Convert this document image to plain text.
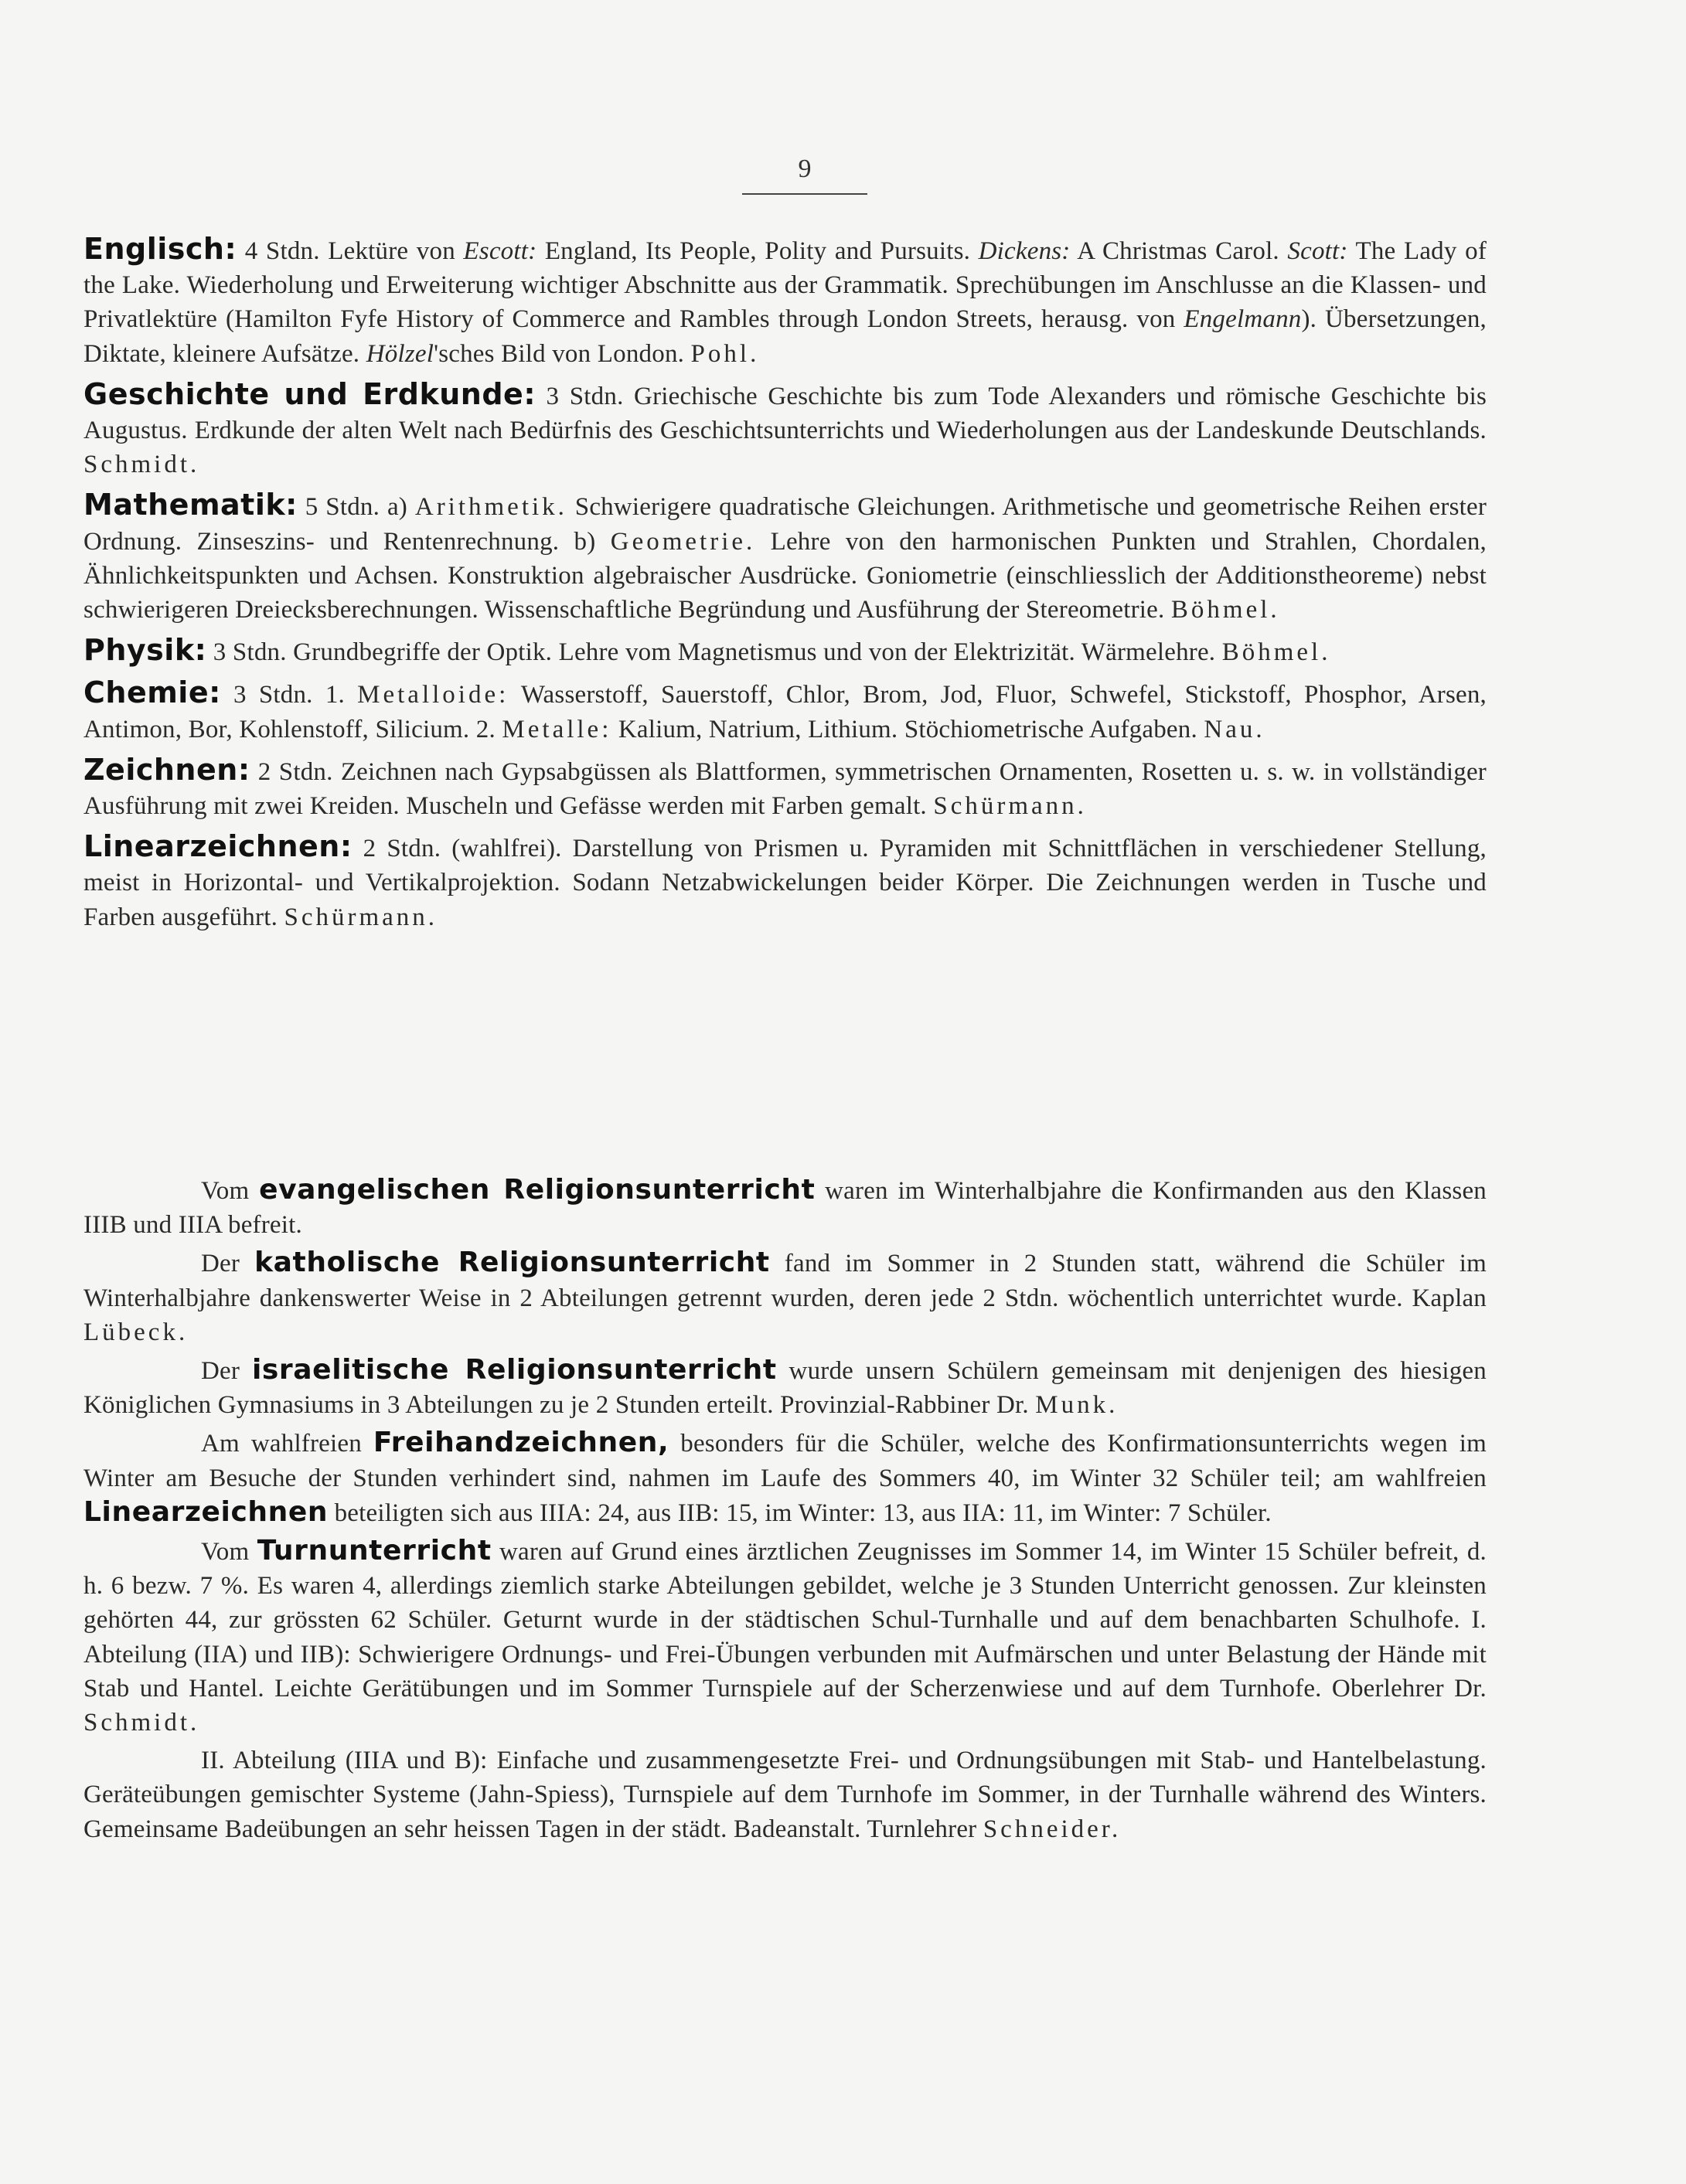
9
Englisch: 4 Stdn. Lektüre von Escott: England, Its People, Polity and Pursuits. Dickens: A Christmas Carol. Scott: The Lady of the Lake. Wiederholung und Erweiterung wichtiger Abschnitte aus der Grammatik. Sprechübungen im Anschlusse an die Klassen- und Privatlektüre (Hamilton Fyfe History of Commerce and Rambles through London Streets, herausg. von Engelmann). Übersetzungen, Diktate, kleinere Aufsätze. Hölzel'sches Bild von London. Pohl.
Geschichte und Erdkunde: 3 Stdn. Griechische Geschichte bis zum Tode Alexanders und römische Geschichte bis Augustus. Erdkunde der alten Welt nach Bedürfnis des Geschichtsunterrichts und Wiederholungen aus der Landeskunde Deutschlands. Schmidt.
Mathematik: 5 Stdn. a) Arithmetik. Schwierigere quadratische Gleichungen. Arithmetische und geometrische Reihen erster Ordnung. Zinseszins- und Rentenrechnung. b) Geometrie. Lehre von den harmonischen Punkten und Strahlen, Chordalen, Ähnlichkeitspunkten und Achsen. Konstruktion algebraischer Ausdrücke. Goniometrie (einschliesslich der Additionstheoreme) nebst schwierigeren Dreiecksberechnungen. Wissenschaftliche Begründung und Ausführung der Stereometrie. Böhmel.
Physik: 3 Stdn. Grundbegriffe der Optik. Lehre vom Magnetismus und von der Elektrizität. Wärmelehre. Böhmel.
Chemie: 3 Stdn. 1. Metalloide: Wasserstoff, Sauerstoff, Chlor, Brom, Jod, Fluor, Schwefel, Stickstoff, Phosphor, Arsen, Antimon, Bor, Kohlenstoff, Silicium. 2. Metalle: Kalium, Natrium, Lithium. Stöchiometrische Aufgaben. Nau.
Zeichnen: 2 Stdn. Zeichnen nach Gypsabgüssen als Blattformen, symmetrischen Ornamenten, Rosetten u. s. w. in vollständiger Ausführung mit zwei Kreiden. Muscheln und Gefässe werden mit Farben gemalt. Schürmann.
Linearzeichnen: 2 Stdn. (wahlfrei). Darstellung von Prismen u. Pyramiden mit Schnittflächen in verschiedener Stellung, meist in Horizontal- und Vertikalprojektion. Sodann Netzabwickelungen beider Körper. Die Zeichnungen werden in Tusche und Farben ausgeführt. Schürmann.
Vom evangelischen Religionsunterricht waren im Winterhalbjahre die Konfirmanden aus den Klassen IIIB und IIIA befreit.
Der katholische Religionsunterricht fand im Sommer in 2 Stunden statt, während die Schüler im Winterhalbjahre dankenswerter Weise in 2 Abteilungen getrennt wurden, deren jede 2 Stdn. wöchentlich unterrichtet wurde. Kaplan Lübeck.
Der israelitische Religionsunterricht wurde unsern Schülern gemeinsam mit denjenigen des hiesigen Königlichen Gymnasiums in 3 Abteilungen zu je 2 Stunden erteilt. Provinzial-Rabbiner Dr. Munk.
Am wahlfreien Freihandzeichnen, besonders für die Schüler, welche des Konfirmationsunterrichts wegen im Winter am Besuche der Stunden verhindert sind, nahmen im Laufe des Sommers 40, im Winter 32 Schüler teil; am wahlfreien Linearzeichnen beteiligten sich aus IIIA: 24, aus IIB: 15, im Winter: 13, aus IIA: 11, im Winter: 7 Schüler.
Vom Turnunterricht waren auf Grund eines ärztlichen Zeugnisses im Sommer 14, im Winter 15 Schüler befreit, d. h. 6 bezw. 7 %. Es waren 4, allerdings ziemlich starke Abteilungen gebildet, welche je 3 Stunden Unterricht genossen. Zur kleinsten gehörten 44, zur grössten 62 Schüler. Geturnt wurde in der städtischen Schul-Turnhalle und auf dem benachbarten Schulhofe. I. Abteilung (IIA) und IIB): Schwierigere Ordnungs- und Frei-Übungen verbunden mit Aufmärschen und unter Belastung der Hände mit Stab und Hantel. Leichte Gerätübungen und im Sommer Turnspiele auf der Scherzenwiese und auf dem Turnhofe. Oberlehrer Dr. Schmidt.
II. Abteilung (IIIA und B): Einfache und zusammengesetzte Frei- und Ordnungsübungen mit Stab- und Hantelbelastung. Geräteübungen gemischter Systeme (Jahn-Spiess), Turnspiele auf dem Turnhofe im Sommer, in der Turnhalle während des Winters. Gemeinsame Badeübungen an sehr heissen Tagen in der städt. Badeanstalt. Turnlehrer Schneider.
